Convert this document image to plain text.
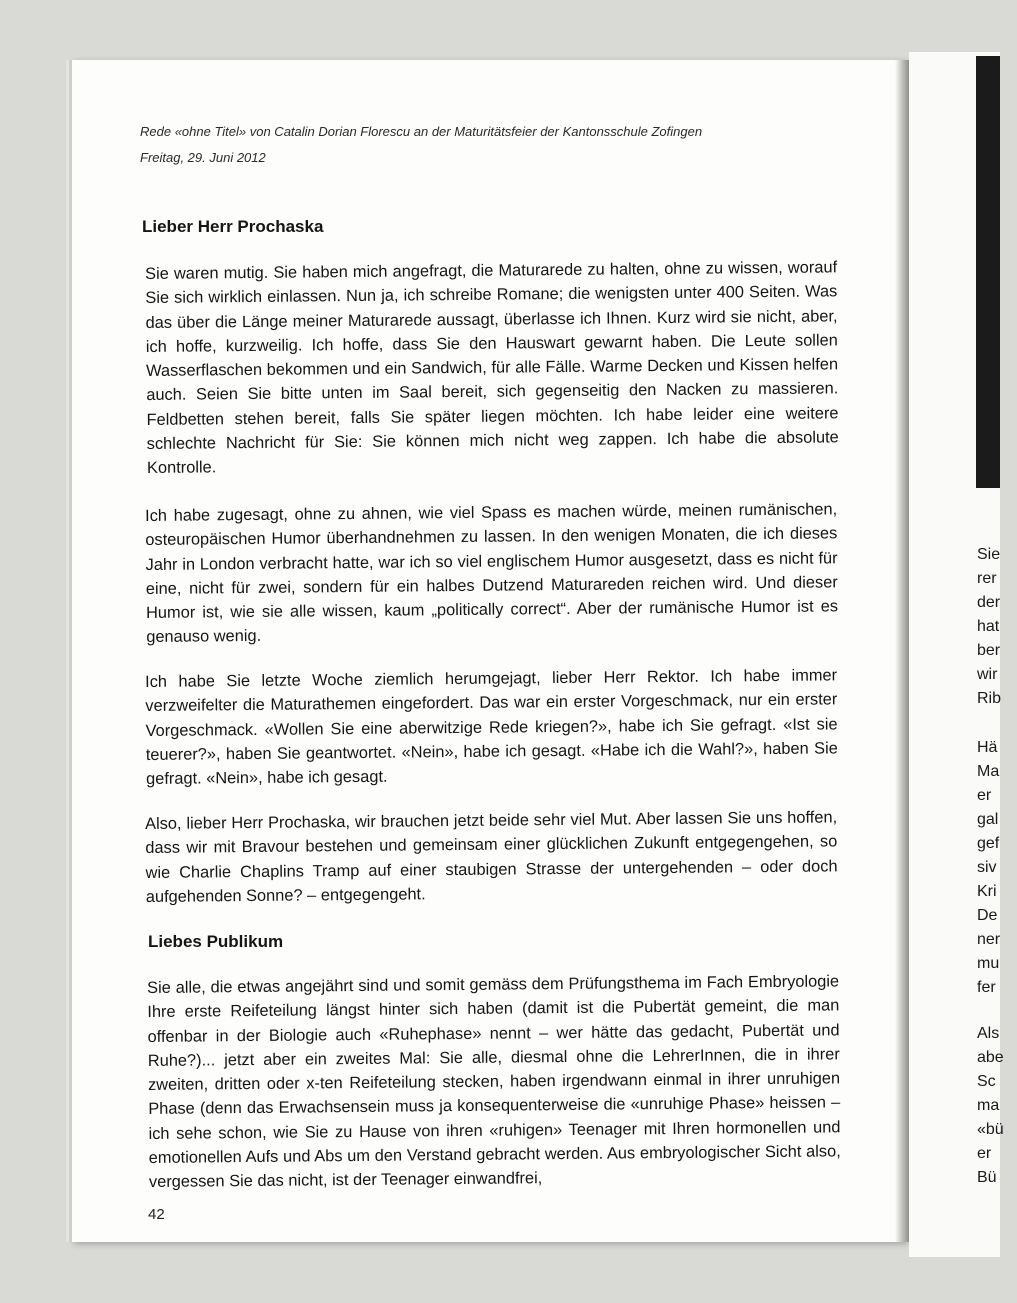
Rede «ohne Titel» von Catalin Dorian Florescu an der Maturitätsfeier der Kantonsschule Zofingen
Freitag, 29. Juni 2012
Lieber Herr Prochaska
Sie waren mutig. Sie haben mich angefragt, die Maturarede zu halten, ohne zu wissen, worauf Sie sich wirklich einlassen. Nun ja, ich schreibe Romane; die wenigsten unter 400 Seiten. Was das über die Länge meiner Maturarede aussagt, überlasse ich Ihnen. Kurz wird sie nicht, aber, ich hoffe, kurzweilig. Ich hoffe, dass Sie den Hauswart gewarnt haben. Die Leute sollen Wasserflaschen bekommen und ein Sandwich, für alle Fälle. Warme Decken und Kissen helfen auch. Seien Sie bitte unten im Saal bereit, sich gegenseitig den Nacken zu massieren. Feldbetten stehen bereit, falls Sie später liegen möchten. Ich habe leider eine weitere schlechte Nachricht für Sie: Sie können mich nicht weg zappen. Ich habe die absolute Kontrolle.
Ich habe zugesagt, ohne zu ahnen, wie viel Spass es machen würde, meinen rumänischen, osteuropäischen Humor überhandnehmen zu lassen. In den wenigen Monaten, die ich dieses Jahr in London verbracht hatte, war ich so viel englischem Humor ausgesetzt, dass es nicht für eine, nicht für zwei, sondern für ein halbes Dutzend Maturareden reichen wird. Und dieser Humor ist, wie sie alle wissen, kaum „politically correct“. Aber der rumänische Humor ist es genauso wenig.
Ich habe Sie letzte Woche ziemlich herumgejagt, lieber Herr Rektor. Ich habe immer verzweifelter die Maturathemen eingefordert. Das war ein erster Vorgeschmack, nur ein erster Vorgeschmack. «Wollen Sie eine aberwitzige Rede kriegen?», habe ich Sie gefragt. «Ist sie teuerer?», haben Sie geantwortet. «Nein», habe ich gesagt. «Habe ich die Wahl?», haben Sie gefragt. «Nein», habe ich gesagt.
Also, lieber Herr Prochaska, wir brauchen jetzt beide sehr viel Mut. Aber lassen Sie uns hoffen, dass wir mit Bravour bestehen und gemeinsam einer glücklichen Zukunft entgegengehen, so wie Charlie Chaplins Tramp auf einer staubigen Strasse der untergehenden – oder doch aufgehenden Sonne? – entgegengeht.
Liebes Publikum
Sie alle, die etwas angejährt sind und somit gemäss dem Prüfungsthema im Fach Embryologie Ihre erste Reifeteilung längst hinter sich haben (damit ist die Pubertät gemeint, die man offenbar in der Biologie auch «Ruhephase» nennt – wer hätte das gedacht, Pubertät und Ruhe?)... jetzt aber ein zweites Mal: Sie alle, diesmal ohne die LehrerInnen, die in ihrer zweiten, dritten oder x-ten Reifeteilung stecken, haben irgendwann einmal in ihrer unruhigen Phase (denn das Erwachsensein muss ja konsequenterweise die «unruhige Phase» heissen – ich sehe schon, wie Sie zu Hause von ihren «ruhigen» Teenager mit Ihren hormonellen und emotionellen Aufs und Abs um den Verstand gebracht werden. Aus embryologischer Sicht also, vergessen Sie das nicht, ist der Teenager einwandfrei,
42
Sie
rer
der
hat
ber
wir
Rib
Hä
Ma
er
gal
gef
siv
Kri
De
ner
mu
fer
Als
abe
Sc
ma
«bü
er
Bü
